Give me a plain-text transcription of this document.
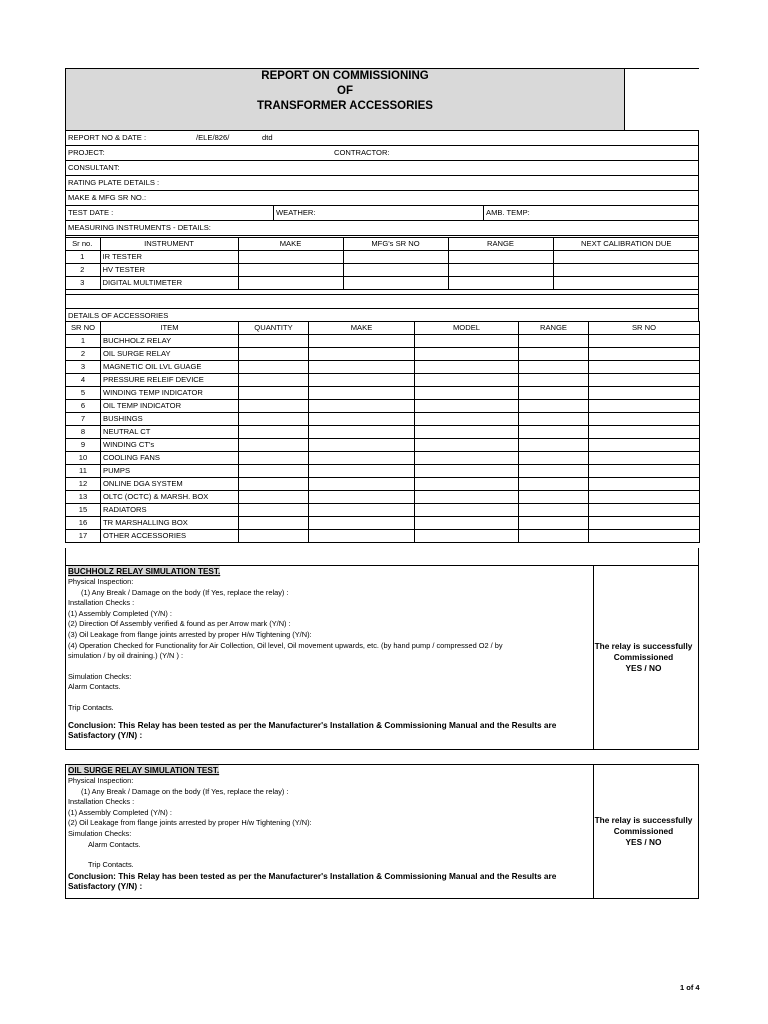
REPORT ON COMMISSIONING
OF
TRANSFORMER ACCESSORIES
REPORT NO & DATE :	/ELE/826/	dtd
PROJECT:	CONTRACTOR:
CONSULTANT:
RATING PLATE DETAILS :
MAKE & MFG SR NO.:
TEST DATE :	WEATHER:	AMB. TEMP:
MEASURING INSTRUMENTS - DETAILS:
Sr no.	INSTRUMENT	MAKE	MFG's SR NO	RANGE	NEXT CALIBRATION DUE
1	IR TESTER				
2	HV TESTER				
3	DIGITAL MULTIMETER				
DETAILS OF ACCESSORIES
SR NO	ITEM	QUANTITY	MAKE	MODEL	RANGE	SR NO
1	BUCHHOLZ RELAY					
2	OIL SURGE RELAY					
3	MAGNETIC OIL LVL GUAGE					
4	PRESSURE RELEIF DEVICE					
5	WINDING TEMP INDICATOR					
6	OIL TEMP INDICATOR					
7	BUSHINGS					
8	NEUTRAL CT					
9	WINDING CT's					
10	COOLING FANS					
11	PUMPS					
12	ONLINE DGA SYSTEM					
13	OLTC (OCTC) & MARSH. BOX					
15	RADIATORS					
16	TR MARSHALLING BOX					
17	OTHER ACCESSORIES					
BUCHHOLZ RELAY SIMULATION TEST.
Physical Inspection:
(1) Any Break / Damage on the body (If Yes, replace the relay) :
Installation Checks :
(1) Assembly Completed (Y/N) :
(2) Direction Of Assembly verified & found as per Arrow mark (Y/N) :
(3) Oil Leakage from flange joints arrested by proper H/w Tightening (Y/N):
(4) Operation Checked for Functionality for Air Collection, Oil level, Oil movement upwards, etc. (by hand pump / compressed O2 / by
simulation / by oil draining.) (Y/N ) :
Simulation Checks:
Alarm Contacts.
Trip Contacts.
Conclusion: This Relay has been tested as per the Manufacturer's Installation & Commissioning Manual and the Results are Satisfactory (Y/N) :
The relay is successfully
Commissioned
YES / NO
OIL SURGE RELAY SIMULATION TEST.
Physical Inspection:
(1) Any Break / Damage on the body (If Yes, replace the relay) :
Installation Checks :
(1) Assembly Completed (Y/N) :
(2) Oil Leakage from flange joints arrested by proper H/w Tightening (Y/N):
Simulation Checks:
Alarm Contacts.
Trip Contacts.
Conclusion: This Relay has been tested as per the Manufacturer's Installation & Commissioning Manual and the Results are Satisfactory (Y/N) :
The relay is successfully
Commissioned
YES / NO
1 of 4
